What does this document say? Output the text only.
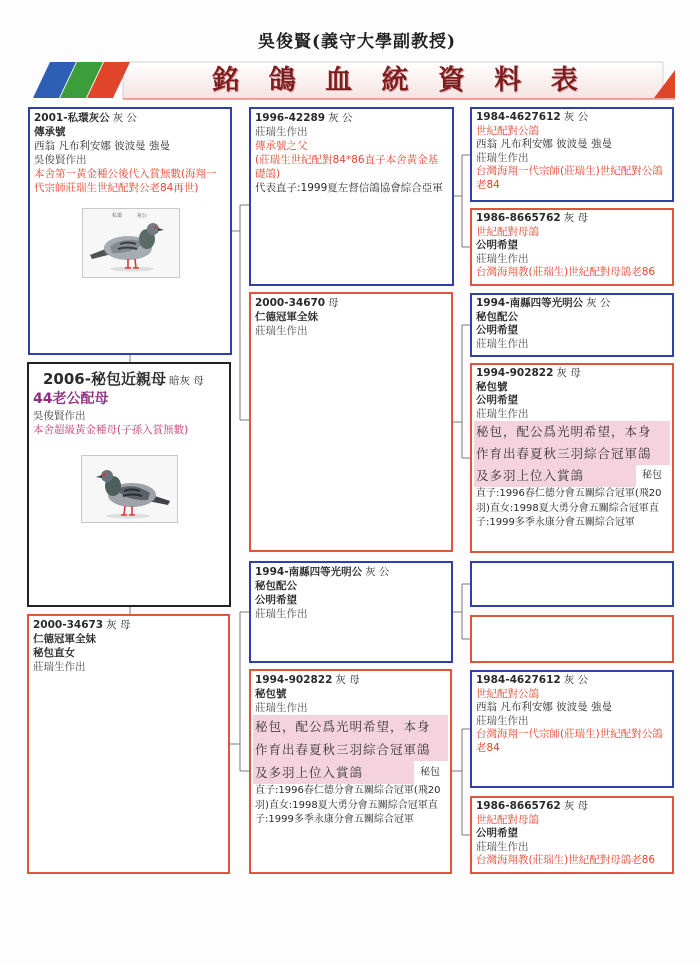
吳俊賢(義守大學副教授)
銘 鴿 血 統 資 料 表
2001-私環灰公 灰 公
傳承號
西翁 凡布利安娜 彼波曼 強曼
吳俊賢作出
本舍第一黃金種公後代入賞無數(海翔一代宗師莊瑞生世紀配對公老84再世)
私環	灰公
2006-秘包近親母 暗灰 母
44老公配母
吳俊賢作出
本舍超級黃金種母(子孫入賞無數)
2000-34673 灰 母
仁德冠軍全妹
秘包直女
莊瑞生作出
1996-42289 灰 公
莊瑞生作出
傳承號之父
(莊瑞生世紀配對84*86直子本舍黃金基礎鴿)
代表直子:1999夏左督信鴿協會綜合亞軍
2000-34670 母
仁德冠軍全妹
莊瑞生作出
1994-南縣四等光明公 灰 公
秘包配公
公明希望
莊瑞生作出
1994-902822 灰 母
秘包號
莊瑞生作出
秘包，配公爲光明希望，本身
作育出春夏秋三羽綜合冠軍鴿
及多羽上位入賞鴿	秘包
直子:1996春仁德分會五關綜合冠軍(飛20羽)直女:1998夏大勇分會五關綜合冠軍直子:1999多季永康分會五關綜合冠軍
1984-4627612 灰 公
世紀配對公鴿
西翁 凡布利安娜 彼波曼 強曼
莊瑞生作出
台灣海翔一代宗師(莊瑞生)世紀配對公鴿老84
1986-8665762 灰 母
世紀配對母鴿
公明希望
莊瑞生作出
台灣海翔教(莊瑞生)世紀配對母鴿老86
1994-南縣四等光明公 灰 公
秘包配公
公明希望
莊瑞生作出
1994-902822 灰 母
秘包號
公明希望
莊瑞生作出
秘包，配公爲光明希望，本身
作育出春夏秋三羽綜合冠軍鴿
及多羽上位入賞鴿	秘包
直子:1996春仁德分會五關綜合冠軍(飛20羽)直女:1998夏大勇分會五關綜合冠軍直子:1999多季永康分會五關綜合冠軍
1984-4627612 灰 公
世紀配對公鴿
西翁 凡布利安娜 彼波曼 強曼
莊瑞生作出
台灣海翔一代宗師(莊瑞生)世紀配對公鴿老84
1986-8665762 灰 母
世紀配對母鴿
公明希望
莊瑞生作出
台灣海翔教(莊瑞生)世紀配對母鴿老86
